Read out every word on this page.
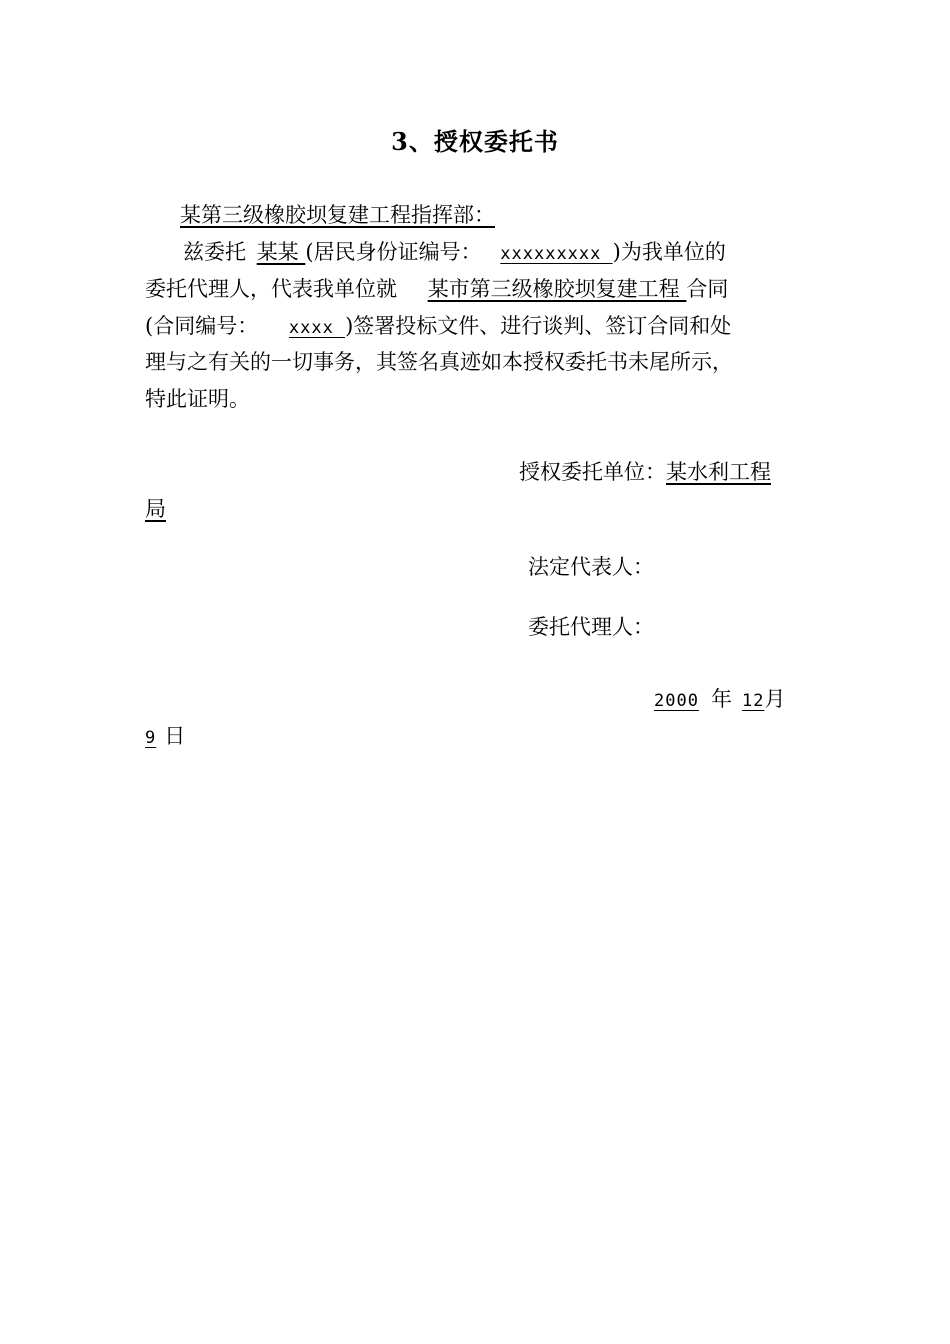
3、授权委托书
某第三级橡胶坝复建工程指挥部：
兹委托 某某 (居民身份证编号： xxxxxxxxx )为我单位的
委托代理人，代表我单位就 某市第三级橡胶坝复建工程 合同
(合同编号： xxxx )签署投标文件、进行谈判、签订合同和处
理与之有关的一切事务，其签名真迹如本授权委托书未尾所示，
特此证明。
授权委托单位：某水利工程
局
法定代表人：
委托代理人：
2000 年 12月
9 日
